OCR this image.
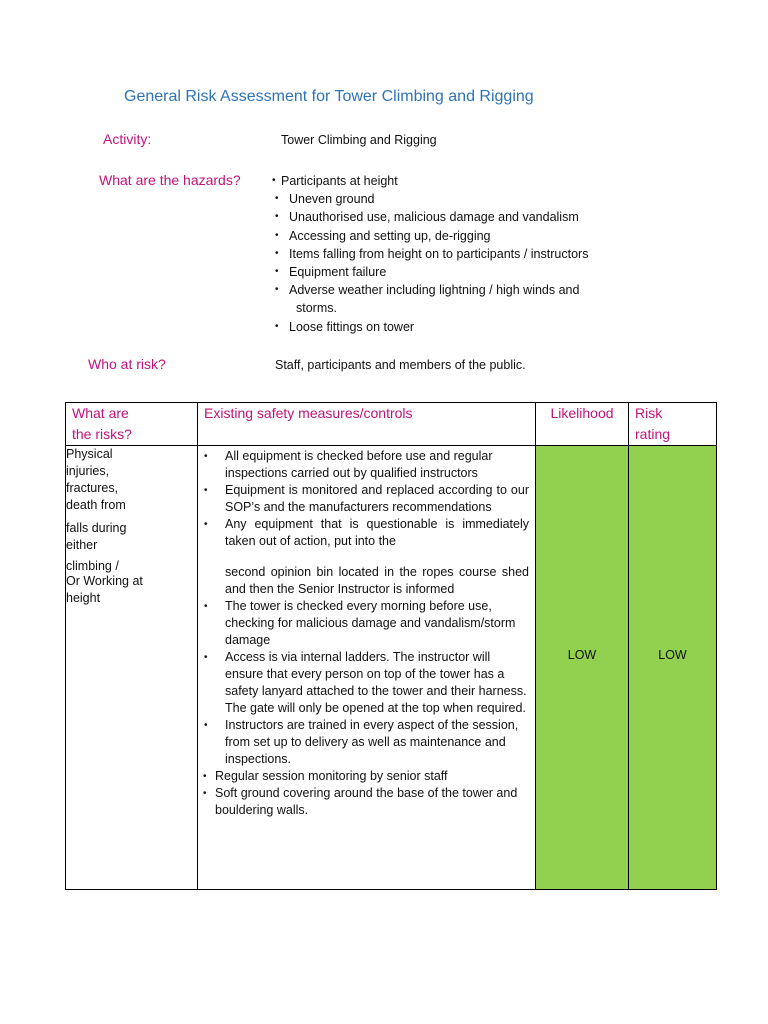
General Risk Assessment for Tower Climbing and Rigging
Activity:	Tower Climbing and Rigging
What are the hazards?
•	Participants at height
• Uneven ground
• Unauthorised use, malicious damage and vandalism
• Accessing and setting up, de-rigging
• Items falling from height on to participants / instructors
• Equipment failure
• Adverse weather including lightning / high winds and
storms.
• Loose fittings on tower
Who at risk?	Staff, participants and members of the public.
What are
the risks?
	Existing safety measures/controls	Likelihood	Risk
rating

Physical
injuries,
fractures,
death from
falls during
either
climbing /
Or Working at
height

• All equipment is checked before use and regular inspections carried out by qualified instructors
• Equipment is monitored and replaced according to our SOP’s and the manufacturers recommendations
• Any equipment that is questionable is immediately taken out of action, put into the
second opinion bin located in the ropes course shed and then the Senior Instructor is informed
• The tower is checked every morning before use, checking for malicious damage and vandalism/storm damage
• Access is via internal ladders. The instructor will ensure that every person on top of the tower has a safety lanyard attached to the tower and their harness. The gate will only be opened at the top when required.
• Instructors are trained in every aspect of the session, from set up to delivery as well as maintenance and inspections.
• Regular session monitoring by senior staff
• Soft ground covering around the base of the tower and bouldering walls.

LOW	LOW
